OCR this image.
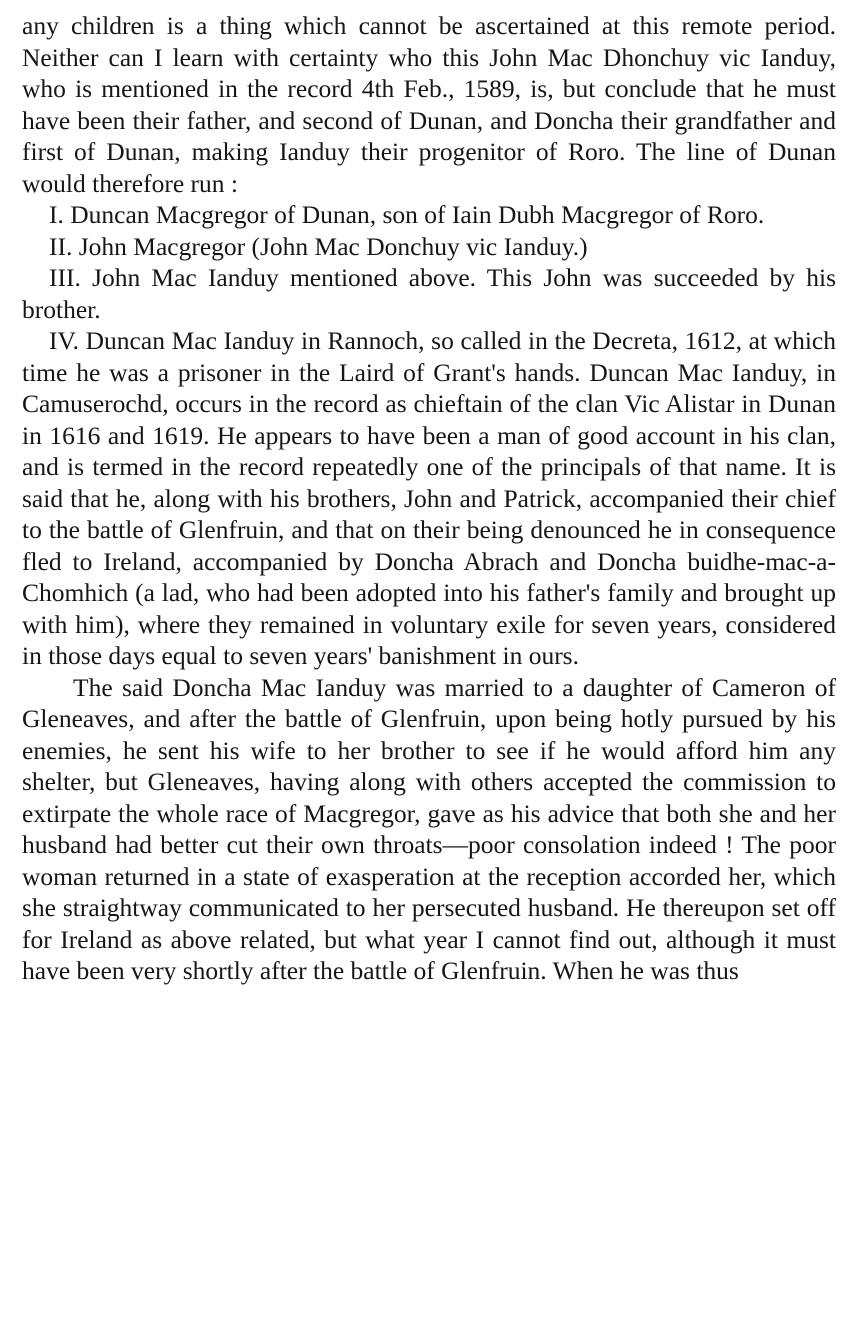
any children is a thing which cannot be ascertained at this remote period. Neither can I learn with certainty who this John Mac Dhonchuy vic Ianduy, who is mentioned in the record 4th Feb., 1589, is, but conclude that he must have been their father, and second of Dunan, and Doncha their grandfather and first of Dunan, making Ianduy their progenitor of Roro. The line of Dunan would therefore run :

I. Duncan Macgregor of Dunan, son of Iain Dubh Macgregor of Roro.

II. John Macgregor (John Mac Donchuy vic Ianduy.)

III. John Mac Ianduy mentioned above. This John was succeeded by his brother.

IV. Duncan Mac Ianduy in Rannoch, so called in the Decreta, 1612, at which time he was a prisoner in the Laird of Grant's hands. Duncan Mac Ianduy, in Camuserochd, occurs in the record as chieftain of the clan Vic Alistar in Dunan in 1616 and 1619. He appears to have been a man of good account in his clan, and is termed in the record repeatedly one of the principals of that name. It is said that he, along with his brothers, John and Patrick, accompanied their chief to the battle of Glenfruin, and that on their being denounced he in consequence fled to Ireland, accompanied by Doncha Abrach and Doncha buidhe-mac-a-Chomhich (a lad, who had been adopted into his father's family and brought up with him), where they remained in voluntary exile for seven years, considered in those days equal to seven years' banishment in ours.

The said Doncha Mac Ianduy was married to a daughter of Cameron of Gleneaves, and after the battle of Glenfruin, upon being hotly pursued by his enemies, he sent his wife to her brother to see if he would afford him any shelter, but Gleneaves, having along with others accepted the commission to extirpate the whole race of Macgregor, gave as his advice that both she and her husband had better cut their own throats—poor consolation indeed ! The poor woman returned in a state of exasperation at the reception accorded her, which she straightway communicated to her persecuted husband. He thereupon set off for Ireland as above related, but what year I cannot find out, although it must have been very shortly after the battle of Glenfruin. When he was thus
